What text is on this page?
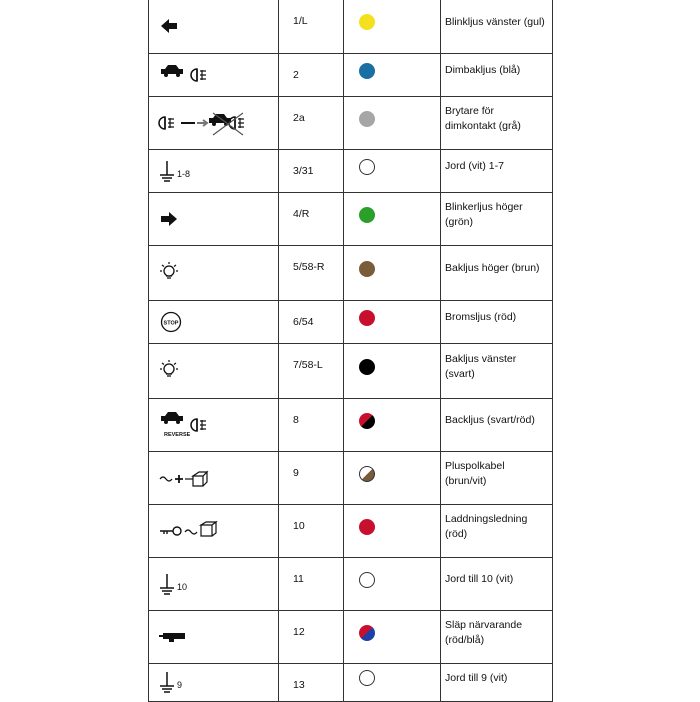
	1/L		Blinkljus vänster (gul)

	2		Dimbakljus (blå)

	2a		Brytare för dimkontakt (grå)

1-8	3/31		Jord (vit) 1-7

	4/R		Blinkerljus höger (grön)

	5/58-R		Bakljus höger (brun)

STOP	6/54		Bromsljus (röd)

	7/58-L		Bakljus vänster (svart)

REVERSE	8		Backljus (svart/röd)

	9		Pluspolkabel (brun/vit)

	10		Laddningsledning (röd)

10	11		Jord till 10 (vit)

	12		Släp närvarande (röd/blå)

9	13		Jord till 9 (vit)
